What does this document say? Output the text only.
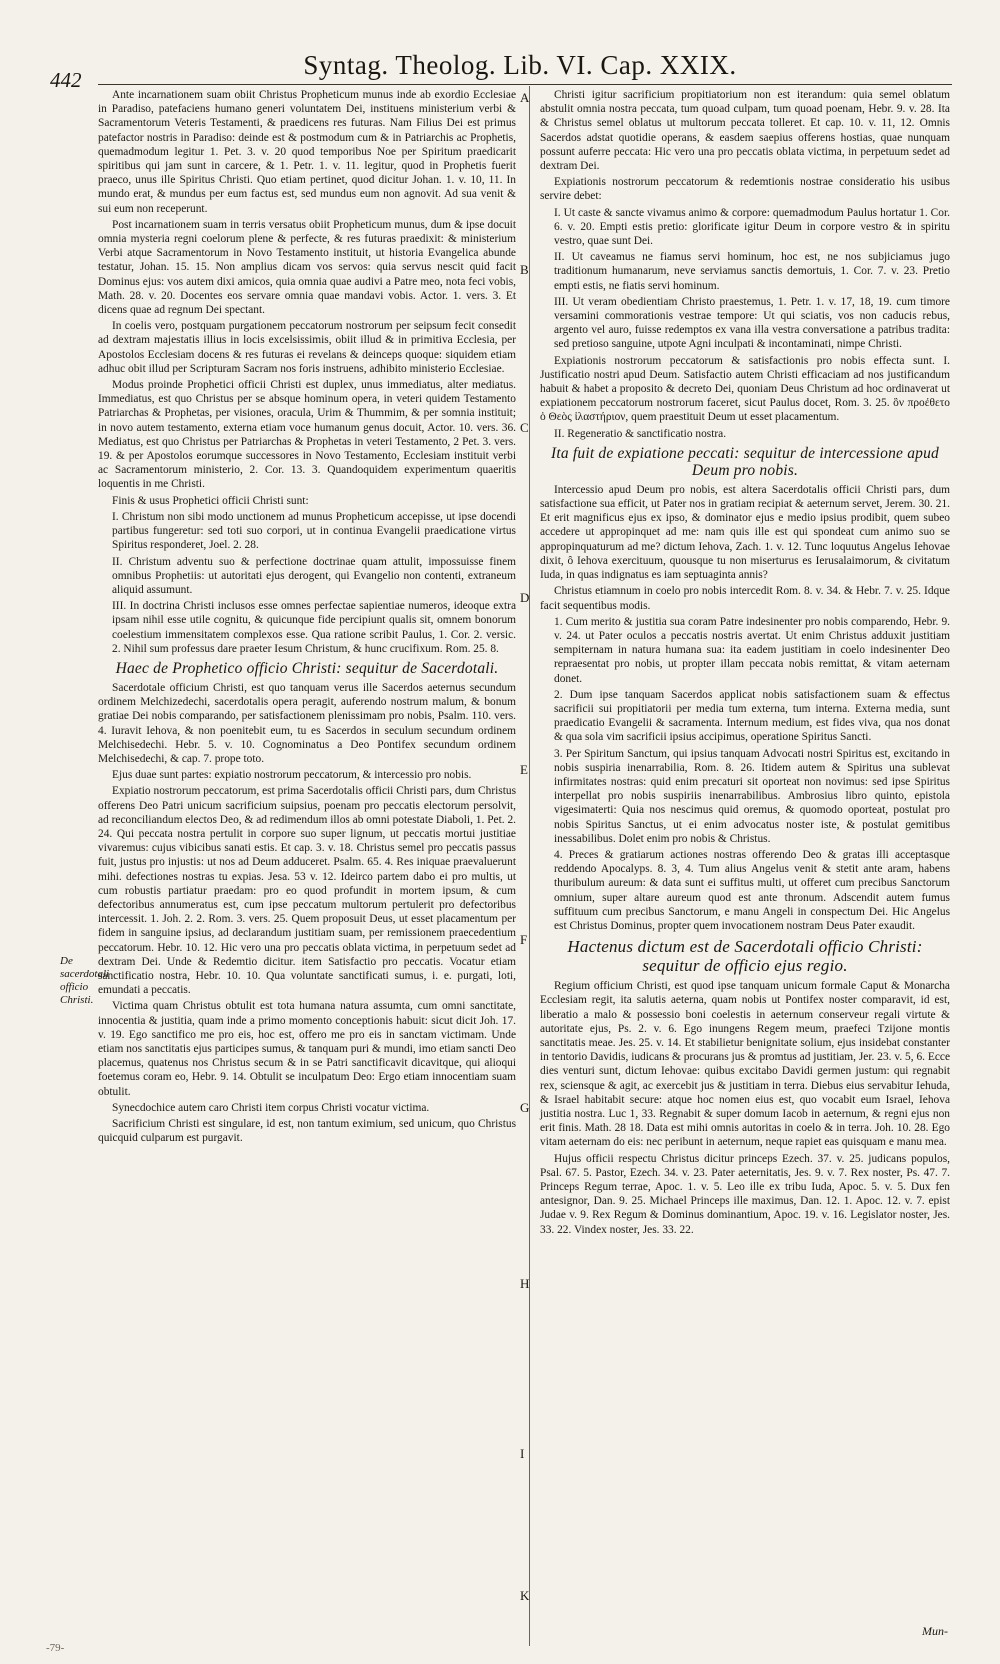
442	Syntag. Theolog. Lib. VI. Cap. XXIX.
De sacerdotali officio Christi.

Ante incarnationem suam obiit Christus Propheticum munus inde ab exordio Ecclesiae in Paradiso, patefaciens humano generi voluntatem Dei, instituens ministerium verbi & Sacramentorum Veteris Testamenti, & praedicens res futuras. Nam Filius Dei est primus patefactor nostris in Paradiso: deinde est & postmodum cum & in Patriarchis ac Prophetis, quemadmodum legitur 1. Pet. 3. v. 20 quod temporibus Noe per Spiritum praedicarit spiritibus qui jam sunt in carcere, & 1. Petr. 1. v. 11. legitur, quod in Prophetis fuerit praeco, unus ille Spiritus Christi. Quo etiam pertinet, quod dicitur Johan. 1. v. 10, 11. In mundo erat, & mundus per eum factus est, sed mundus eum non agnovit. Ad sua venit & sui eum non receperunt.

Post incarnationem suam in terris versatus obiit Propheticum munus, dum & ipse docuit omnia mysteria regni coelorum plene & perfecte, & res futuras praedixit: & ministerium Verbi atque Sacramentorum in Novo Testamento instituit, ut historia Evangelica abunde testatur, Johan. 15. 15. Non amplius dicam vos servos: quia servus nescit quid facit Dominus ejus: vos autem dixi amicos, quia omnia quae audivi a Patre meo, nota feci vobis, Math. 28. v. 20. Docentes eos servare omnia quae mandavi vobis. Actor. 1. vers. 3. Et dicens quae ad regnum Dei spectant.

In coelis vero, postquam purgationem peccatorum nostrorum per seipsum fecit consedit ad dextram majestatis illius in locis excelsissimis, obiit illud & in primitiva Ecclesia, per Apostolos Ecclesiam docens & res futuras ei revelans & deinceps quoque: siquidem etiam adhuc obit illud per Scripturam Sacram nos foris instruens, adhibito ministerio Ecclesiae.

Modus proinde Prophetici officii Christi est duplex, unus immediatus, alter mediatus. Immediatus, est quo Christus per se absque hominum opera, in veteri quidem Testamento Patriarchas & Prophetas, per visiones, oracula, Urim & Thummim, & per somnia instituit; in novo autem testamento, externa etiam voce humanum genus docuit, Actor. 10. vers. 36. Mediatus, est quo Christus per Patriarchas & Prophetas in veteri Testamento, 2 Pet. 3. vers. 19. & per Apostolos eorumque successores in Novo Testamento, Ecclesiam instituit verbi ac Sacramentorum ministerio, 2. Cor. 13. 3. Quandoquidem experimentum quaeritis loquentis in me Christi.

Finis & usus Prophetici officii Christi sunt:

I. Christum non sibi modo unctionem ad munus Propheticum accepisse, ut ipse docendi partibus fungeretur: sed toti suo corpori, ut in continua Evangelii praedicatione virtus Spiritus responderet, Joel. 2. 28.

II. Christum adventu suo & perfectione doctrinae quam attulit, impossuisse finem omnibus Prophetiis: ut autoritati ejus derogent, qui Evangelio non contenti, extraneum aliquid assumunt.

III. In doctrina Christi inclusos esse omnes perfectae sapientiae numeros, ideoque extra ipsam nihil esse utile cognitu, & quicunque fide percipiunt qualis sit, omnem bonorum coelestium immensitatem complexos esse. Qua ratione scribit Paulus, 1. Cor. 2. versic. 2. Nihil sum professus dare praeter Iesum Christum, & hunc crucifixum. Rom. 25. 8.

Haec de Prophetico officio Christi: sequitur de Sacerdotali.

Sacerdotale officium Christi, est quo tanquam verus ille Sacerdos aeternus secundum ordinem Melchizedechi, sacerdotalis opera peragit, auferendo nostrum malum, & bonum gratiae Dei nobis comparando, per satisfactionem plenissimam pro nobis, Psalm. 110. vers. 4. Iuravit Iehova, & non poenitebit eum, tu es Sacerdos in seculum secundum ordinem Melchisedechi. Hebr. 5. v. 10. Cognominatus a Deo Pontifex secundum ordinem Melchisedechi, & cap. 7. prope toto.

Ejus duae sunt partes: expiatio nostrorum peccatorum, & intercessio pro nobis.

Expiatio nostrorum peccatorum, est prima Sacerdotalis officii Christi pars, dum Christus offerens Deo Patri unicum sacrificium suipsius, poenam pro peccatis electorum persolvit, ad reconciliandum electos Deo, & ad redimendum illos ab omni potestate Diaboli, 1. Pet. 2. 24. Qui peccata nostra pertulit in corpore suo super lignum, ut peccatis mortui justitiae vivaremus: cujus vibicibus sanati estis. Et cap. 3. v. 18. Christus semel pro peccatis passus fuit, justus pro injustis: ut nos ad Deum adduceret. Psalm. 65. 4. Res iniquae praevaluerunt mihi. defectiones nostras tu expias. Jesa. 53 v. 12. Ideirco partem dabo ei pro multis, ut cum robustis partiatur praedam: pro eo quod profundit in mortem ipsum, & cum defectoribus annumeratus est, cum ipse peccatum multorum pertulerit pro defectoribus intercessit. 1. Joh. 2. 2. Rom. 3. vers. 25. Quem proposuit Deus, ut esset placamentum per fidem in sanguine ipsius, ad declarandum justitiam suam, per remissionem praecedentium peccatorum. Hebr. 10. 12. Hic vero una pro peccatis oblata victima, in perpetuum sedet ad dextram Dei. Unde & Redemtio dicitur. item Satisfactio pro peccatis. Vocatur etiam sanctificatio nostra, Hebr. 10. 10. Qua voluntate sanctificati sumus, i. e. purgati, loti, emundati a peccatis.

Victima quam Christus obtulit est tota humana natura assumta, cum omni sanctitate, innocentia & justitia, quam inde a primo momento conceptionis habuit: sicut dicit Joh. 17. v. 19. Ego sanctifico me pro eis, hoc est, offero me pro eis in sanctam victimam. Unde etiam nos sanctitatis ejus participes sumus, & tanquam puri & mundi, imo etiam sancti Deo placemus, quatenus nos Christus secum & in se Patri sanctificavit dicavitque, qui alioqui foetemus coram eo, Hebr. 9. 14. Obtulit se inculpatum Deo: Ergo etiam innocentiam suam obtulit.

Synecdochice autem caro Christi item corpus Christi vocatur victima.

Sacrificium Christi est singulare, id est, non tantum eximium, sed unicum, quo Christus quicquid culparum est purgavit.

Christi igitur sacrificium propitiatorium non est iterandum: quia semel oblatum abstulit omnia nostra peccata, tum quoad culpam, tum quoad poenam, Hebr. 9. v. 28. Ita & Christus semel oblatus ut multorum peccata tolleret. Et cap. 10. v. 11, 12. Omnis Sacerdos adstat quotidie operans, & easdem saepius offerens hostias, quae nunquam possunt auferre peccata: Hic vero una pro peccatis oblata victima, in perpetuum sedet ad dextram Dei.

Expiationis nostrorum peccatorum & redemtionis nostrae consideratio his usibus servire debet:

I. Ut caste & sancte vivamus animo & corpore: quemadmodum Paulus hortatur 1. Cor. 6. v. 20. Empti estis pretio: glorificate igitur Deum in corpore vestro & in spiritu vestro, quae sunt Dei.

II. Ut caveamus ne fiamus servi hominum, hoc est, ne nos subjiciamus jugo traditionum humanarum, neve serviamus sanctis demortuis, 1. Cor. 7. v. 23. Pretio empti estis, ne fiatis servi hominum.

III. Ut veram obedientiam Christo praestemus, 1. Petr. 1. v. 17, 18, 19. cum timore versamini commorationis vestrae tempore: Ut qui sciatis, vos non caducis rebus, argento vel auro, fuisse redemptos ex vana illa vestra conversatione a patribus tradita: sed pretioso sanguine, utpote Agni inculpati & incontaminati, nimpe Christi.

Expiationis nostrorum peccatorum & satisfactionis pro nobis effecta sunt. I. Justificatio nostri apud Deum. Satisfactio autem Christi efficaciam ad nos justificandum habuit & habet a proposito & decreto Dei, quoniam Deus Christum ad hoc ordinaverat ut expiationem peccatorum nostrorum faceret, sicut Paulus docet, Rom. 3. 25. ὃν προέθετο ὁ Θεὸς ἱλαστήριον, quem praestituit Deum ut esset placamentum.

II. Regeneratio & sanctificatio nostra.

Ita fuit de expiatione peccati: sequitur de intercessione apud Deum pro nobis.

Intercessio apud Deum pro nobis, est altera Sacerdotalis officii Christi pars, dum satisfactione sua efficit, ut Pater nos in gratiam recipiat & aeternum servet, Jerem. 30. 21. Et erit magnificus ejus ex ipso, & dominator ejus e medio ipsius prodibit, quem subeo accedere ut appropinquet ad me: nam quis ille est qui spondeat cum animo suo se appropinquaturum ad me? dictum Iehova, Zach. 1. v. 12. Tunc loquutus Angelus Iehovae dixit, ô Iehova exercituum, quousque tu non miserturus es Ierusalaimorum, & civitatum Iuda, in quas indignatus es iam septuaginta annis?

Christus etiamnum in coelo pro nobis intercedit Rom. 8. v. 34. & Hebr. 7. v. 25. Idque facit sequentibus modis.

1. Cum merito & justitia sua coram Patre indesinenter pro nobis comparendo, Hebr. 9. v. 24. ut Pater oculos a peccatis nostris avertat. Ut enim Christus adduxit justitiam sempiternam in natura humana sua: ita eadem justitiam in coelo indesinenter Deo repraesentat pro nobis, ut propter illam peccata nobis remittat, & vitam aeternam donet.

2. Dum ipse tanquam Sacerdos applicat nobis satisfactionem suam & effectus sacrificii sui propitiatorii per media tum externa, tum interna. Externa media, sunt praedicatio Evangelii & sacramenta. Internum medium, est fides viva, qua nos donat & qua sola vim sacrificii ipsius accipimus, operatione Spiritus Sancti.

3. Per Spiritum Sanctum, qui ipsius tanquam Advocati nostri Spiritus est, excitando in nobis suspiria inenarrabilia, Rom. 8. 26. Itidem autem & Spiritus una sublevat infirmitates nostras: quid enim precaturi sit oporteat non novimus: sed ipse Spiritus interpellat pro nobis suspiriis inenarrabilibus. Ambrosius libro quinto, epistola vigesimaterti: Quia nos nescimus quid oremus, & quomodo oporteat, postulat pro nobis Spiritus Sanctus, ut ei enim advocatus noster iste, & postulat gemitibus inessabilibus. Dolet enim pro nobis & Christus.

4. Preces & gratiarum actiones nostras offerendo Deo & gratas illi acceptasque reddendo Apocalyps. 8. 3, 4. Tum alius Angelus venit & stetit ante aram, habens thuribulum aureum: & data sunt ei suffitus multi, ut offeret cum precibus Sanctorum omnium, super altare aureum quod est ante thronum. Adscendit autem fumus suffituum cum precibus Sanctorum, e manu Angeli in conspectum Dei. Hic Angelus est Christus Dominus, propter quem invocationem nostram Deus Pater exaudit.

Hactenus dictum est de Sacerdotali officio Christi: sequitur de officio ejus regio.

Regium officium Christi, est quod ipse tanquam unicum formale Caput & Monarcha Ecclesiam regit, ita salutis aeterna, quam nobis ut Pontifex noster comparavit, id est, liberatio a malo & possessio boni coelestis in aeternum conserveur regali virtute & autoritate ejus, Ps. 2. v. 6. Ego inungens Regem meum, praefeci Tzijone montis sanctitatis meae. Jes. 25. v. 14. Et stabilietur benignitate solium, ejus insidebat constanter in tentorio Davidis, iudicans & procurans jus & promtus ad justitiam, Jer. 23. v. 5, 6. Ecce dies venturi sunt, dictum Iehovae: quibus excitabo Davidi germen justum: qui regnabit rex, sciensque & agit, ac exercebit jus & justitiam in terra. Diebus eius servabitur Iehuda, & Israel habitabit secure: atque hoc nomen eius est, quo vocabit eum Israel, Iehova justitia nostra. Luc 1, 33. Regnabit & super domum Iacob in aeternum, & regni ejus non erit finis. Math. 28 18. Data est mihi omnis autoritas in coelo & in terra. Joh. 10. 28. Ego vitam aeternam do eis: nec peribunt in aeternum, neque rapiet eas quisquam e manu mea.

Hujus officii respectu Christus dicitur princeps Ezech. 37. v. 25. judicans populos, Psal. 67. 5. Pastor, Ezech. 34. v. 23. Pater aeternitatis, Jes. 9. v. 7. Rex noster, Ps. 47. 7. Princeps Regum terrae, Apoc. 1. v. 5. Leo ille ex tribu Iuda, Apoc. 5. v. 5. Dux fen antesignor, Dan. 9. 25. Michael Princeps ille maximus, Dan. 12. 1. Apoc. 12. v. 7. epist Judae v. 9. Rex Regum & Dominus dominantium, Apoc. 19. v. 16. Legislator noster, Jes. 33. 22. Vindex noster, Jes. 33. 22.

A
B
C
D
E
F
G
H
I
K
Mun-
-79-
